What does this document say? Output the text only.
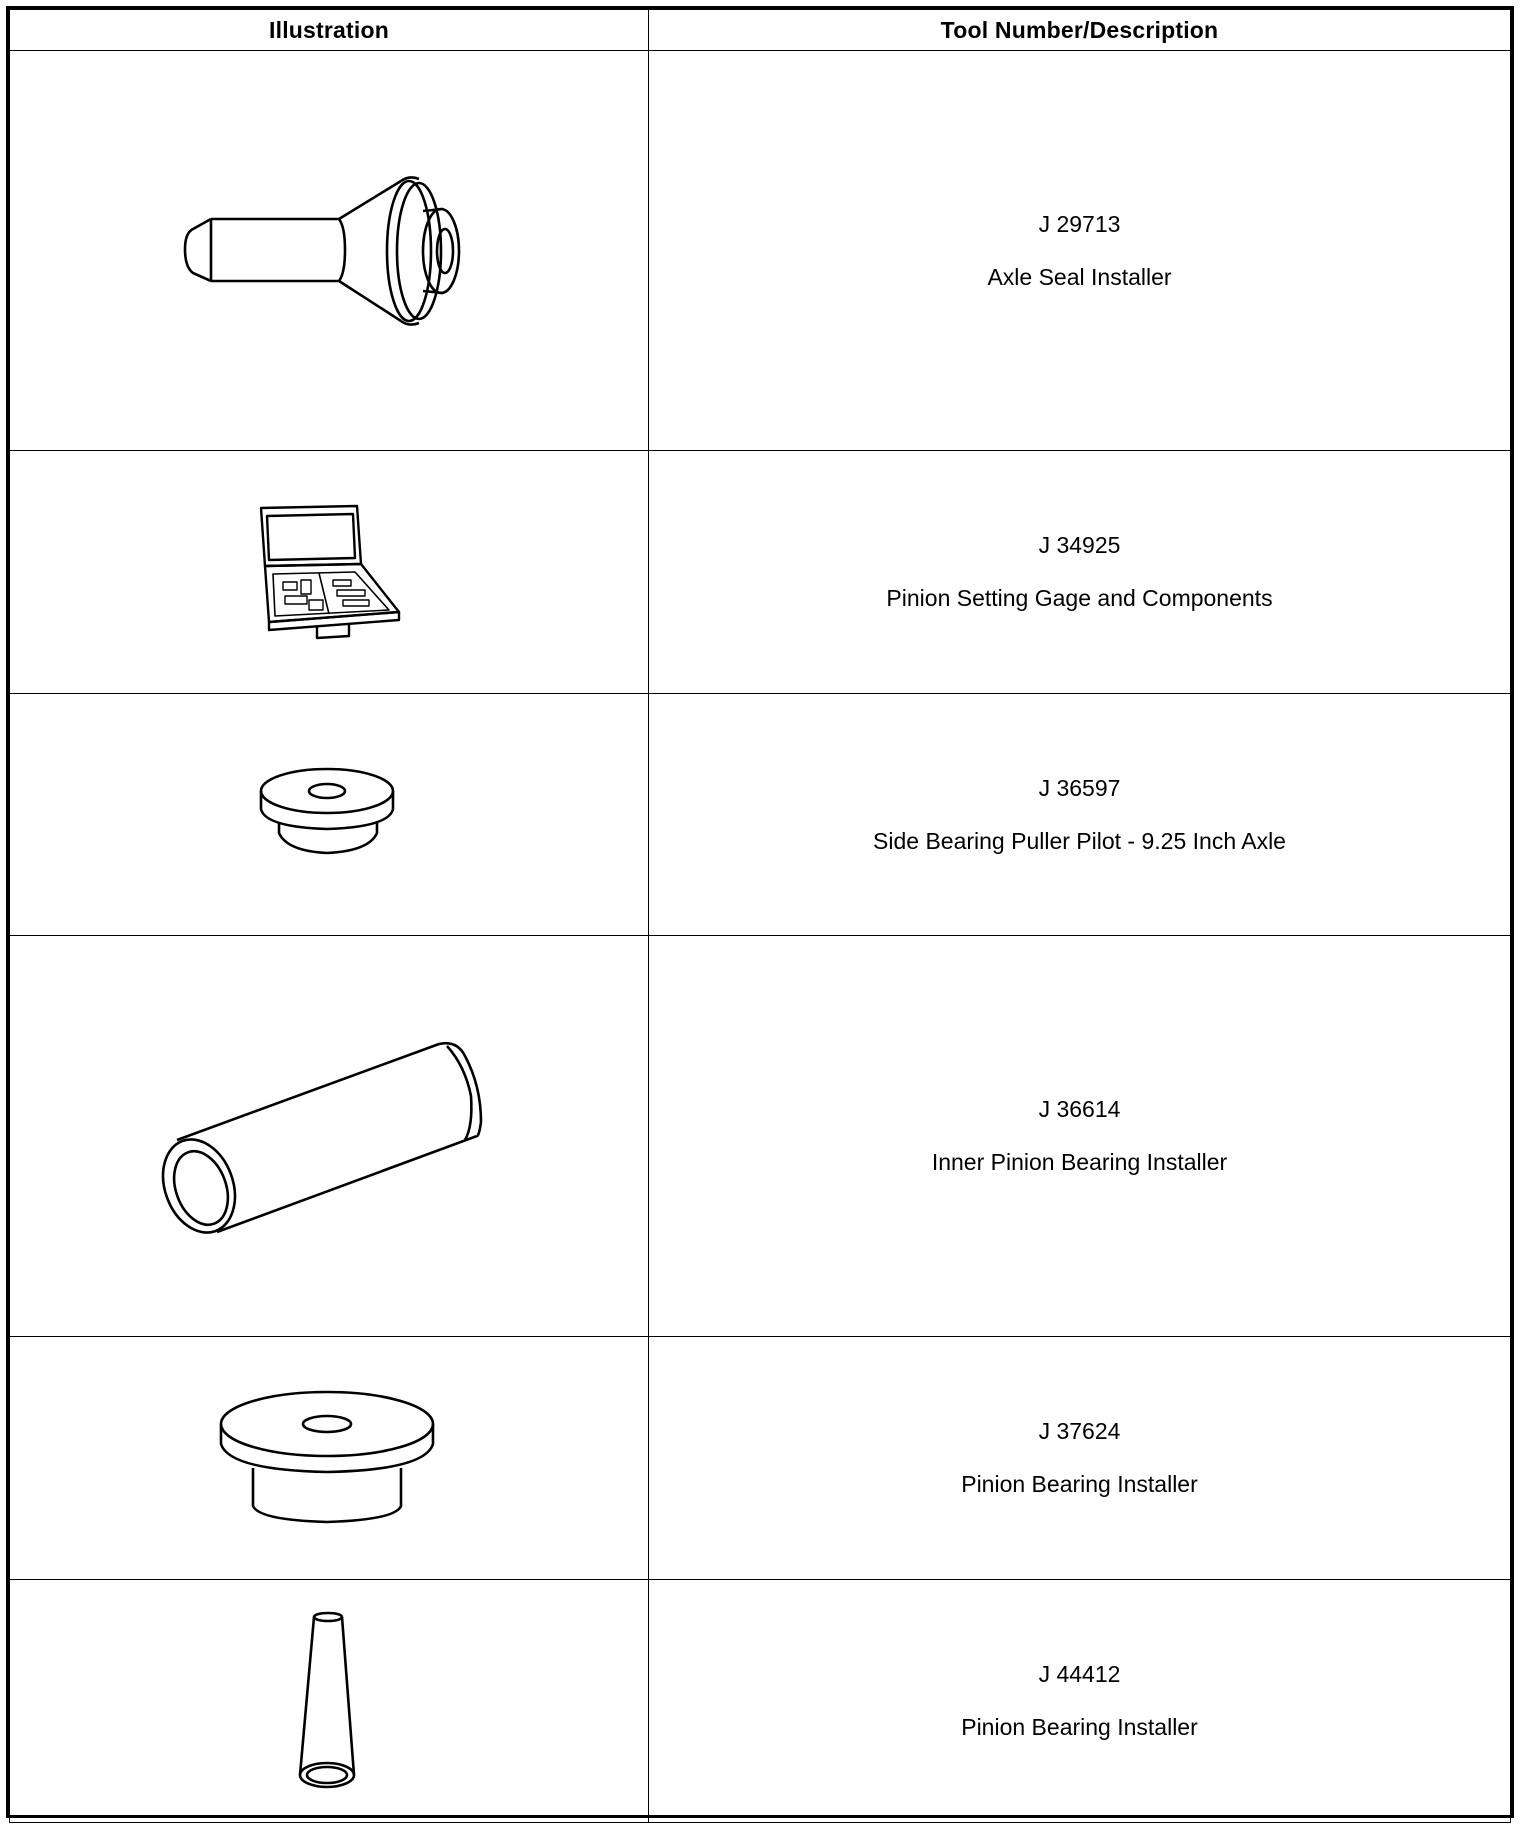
Illustration	Tool Number/Description

J 29713
Axle Seal Installer

J 34925
Pinion Setting Gage and Components

J 36597
Side Bearing Puller Pilot - 9.25 Inch Axle

J 36614
Inner Pinion Bearing Installer

J 37624
Pinion Bearing Installer

J 44412
Pinion Bearing Installer
